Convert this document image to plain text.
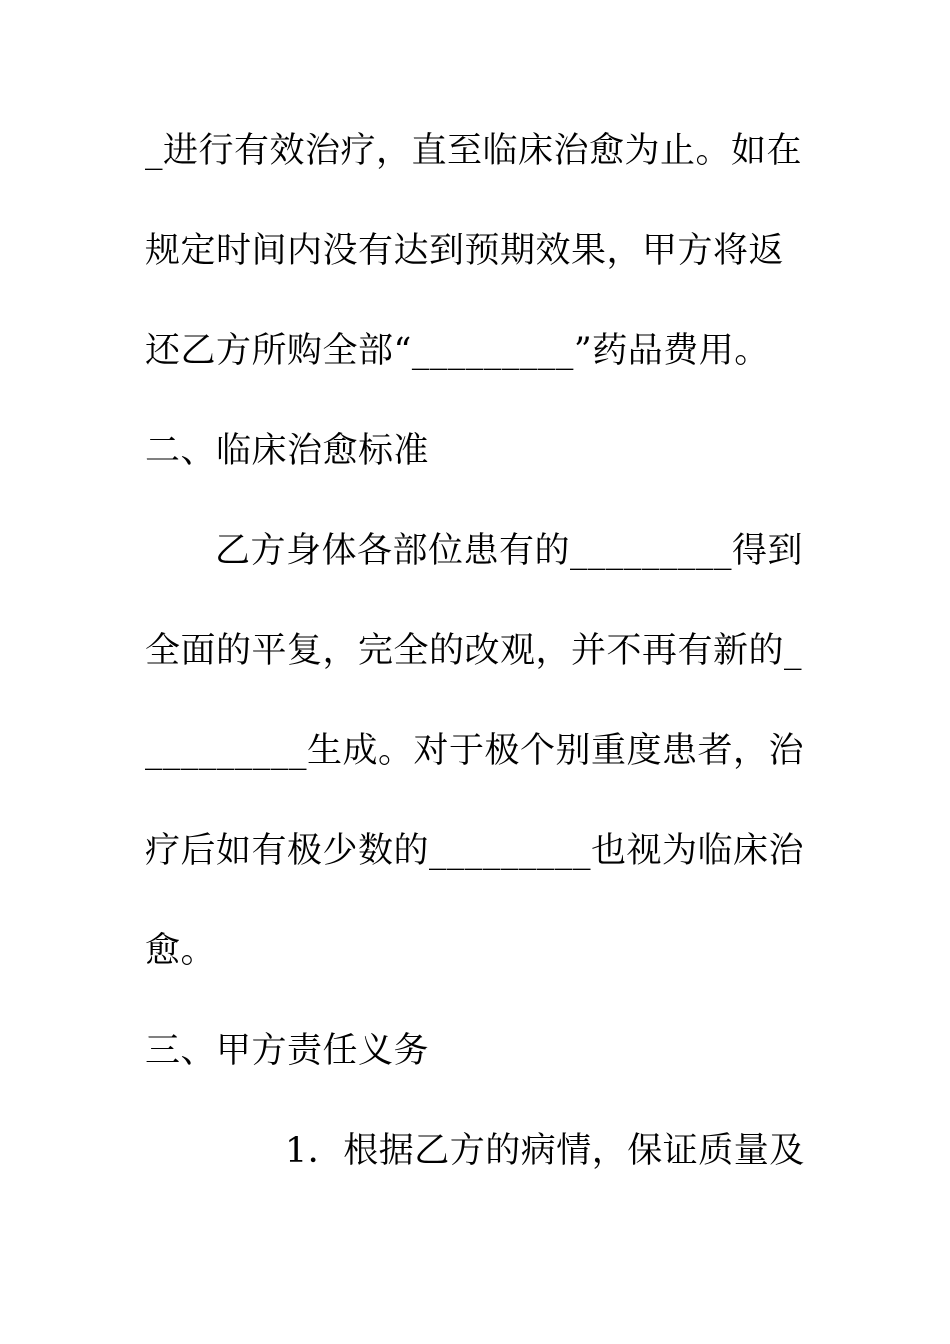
_进行有效治疗，直至临床治愈为止。如在
规定时间内没有达到预期效果，甲方将返
还乙方所购全部“_________”药品费用。
二、临床治愈标准
乙方身体各部位患有的_________得到
全面的平复，完全的改观，并不再有新的_
_________生成。对于极个别重度患者，治
疗后如有极少数的_________也视为临床治
愈。
三、甲方责任义务
1．根据乙方的病情，保证质量及
